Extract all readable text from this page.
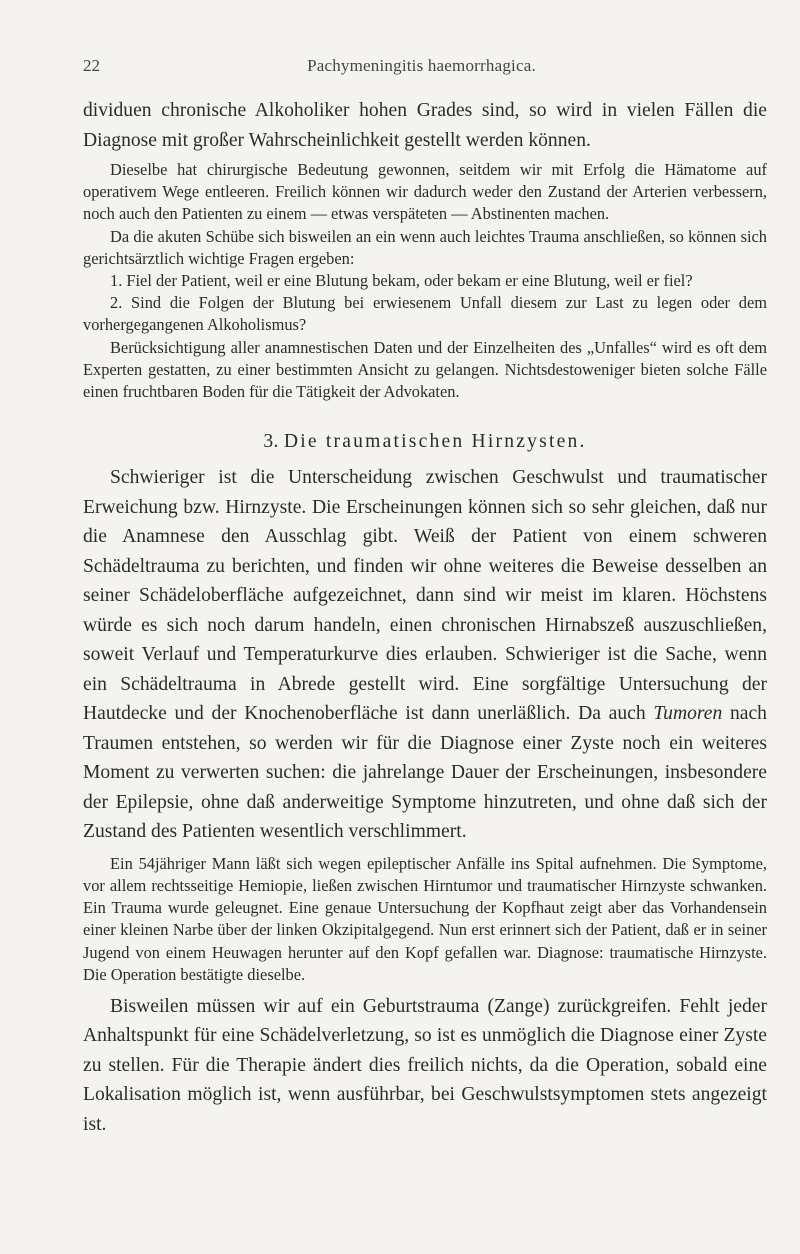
22	Pachymeningitis haemorrhagica.

dividuen chronische Alkoholiker hohen Grades sind, so wird in vielen Fällen die Diagnose mit großer Wahrscheinlichkeit gestellt werden können.

Dieselbe hat chirurgische Bedeutung gewonnen, seitdem wir mit Erfolg die Hämatome auf operativem Wege entleeren. Freilich können wir dadurch weder den Zustand der Arterien verbessern, noch auch den Patienten zu einem — etwas verspäteten — Abstinenten machen.

Da die akuten Schübe sich bisweilen an ein wenn auch leichtes Trauma anschließen, so können sich gerichtsärztlich wichtige Fragen ergeben:

1. Fiel der Patient, weil er eine Blutung bekam, oder bekam er eine Blutung, weil er fiel?

2. Sind die Folgen der Blutung bei erwiesenem Unfall diesem zur Last zu legen oder dem vorhergegangenen Alkoholismus?

Berücksichtigung aller anamnestischen Daten und der Einzelheiten des „Unfalles“ wird es oft dem Experten gestatten, zu einer bestimmten Ansicht zu gelangen. Nichtsdestoweniger bieten solche Fälle einen fruchtbaren Boden für die Tätigkeit der Advokaten.

3. Die traumatischen Hirnzysten.

Schwieriger ist die Unterscheidung zwischen Geschwulst und traumatischer Erweichung bzw. Hirnzyste. Die Erscheinungen können sich so sehr gleichen, daß nur die Anamnese den Ausschlag gibt. Weiß der Patient von einem schweren Schädeltrauma zu berichten, und finden wir ohne weiteres die Beweise desselben an seiner Schädeloberfläche aufgezeichnet, dann sind wir meist im klaren. Höchstens würde es sich noch darum handeln, einen chronischen Hirnabszeß auszuschließen, soweit Verlauf und Temperaturkurve dies erlauben. Schwieriger ist die Sache, wenn ein Schädeltrauma in Abrede gestellt wird. Eine sorgfältige Untersuchung der Hautdecke und der Knochenoberfläche ist dann unerläßlich. Da auch Tumoren nach Traumen entstehen, so werden wir für die Diagnose einer Zyste noch ein weiteres Moment zu verwerten suchen: die jahrelange Dauer der Erscheinungen, insbesondere der Epilepsie, ohne daß anderweitige Symptome hinzutreten, und ohne daß sich der Zustand des Patienten wesentlich verschlimmert.

Ein 54jähriger Mann läßt sich wegen epileptischer Anfälle ins Spital aufnehmen. Die Symptome, vor allem rechtsseitige Hemiopie, ließen zwischen Hirntumor und traumatischer Hirnzyste schwanken. Ein Trauma wurde geleugnet. Eine genaue Untersuchung der Kopfhaut zeigt aber das Vorhandensein einer kleinen Narbe über der linken Okzipitalgegend. Nun erst erinnert sich der Patient, daß er in seiner Jugend von einem Heuwagen herunter auf den Kopf gefallen war. Diagnose: traumatische Hirnzyste. Die Operation bestätigte dieselbe.

Bisweilen müssen wir auf ein Geburtstrauma (Zange) zurückgreifen. Fehlt jeder Anhaltspunkt für eine Schädelverletzung, so ist es unmöglich die Diagnose einer Zyste zu stellen. Für die Therapie ändert dies freilich nichts, da die Operation, sobald eine Lokalisation möglich ist, wenn ausführbar, bei Geschwulstsymptomen stets angezeigt ist.
